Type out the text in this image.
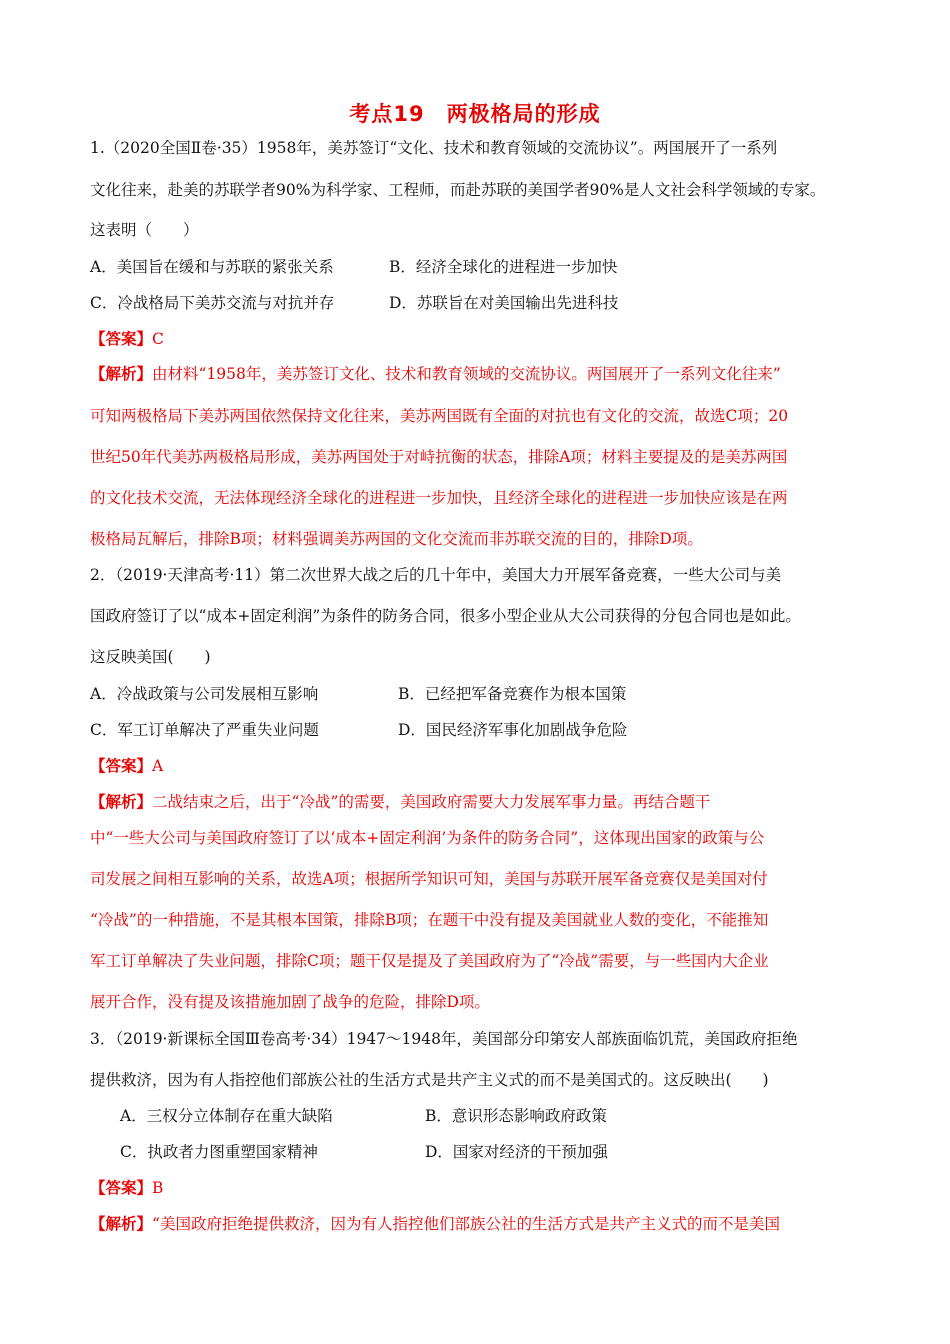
考点19　两极格局的形成
1.（2020全国Ⅱ卷·35）1958年，美苏签订“文化、技术和教育领域的交流协议”。两国展开了一系列
文化往来，赴美的苏联学者90%为科学家、工程师，而赴苏联的美国学者90%是人文社会科学领域的专家。
这表明（　　）
A．美国旨在缓和与苏联的紧张关系	B．经济全球化的进程进一步加快
C．冷战格局下美苏交流与对抗并存	D．苏联旨在对美国输出先进科技
【答案】C
【解析】由材料“1958年，美苏签订文化、技术和教育领域的交流协议。两国展开了一系列文化往来”
可知两极格局下美苏两国依然保持文化往来，美苏两国既有全面的对抗也有文化的交流，故选C项；20
世纪50年代美苏两极格局形成，美苏两国处于对峙抗衡的状态，排除A项；材料主要提及的是美苏两国
的文化技术交流，无法体现经济全球化的进程进一步加快，且经济全球化的进程进一步加快应该是在两
极格局瓦解后，排除B项；材料强调美苏两国的文化交流而非苏联交流的目的，排除D项。
2．（2019·天津高考·11）第二次世界大战之后的几十年中，美国大力开展军备竞赛，一些大公司与美
国政府签订了以“成本+固定利润”为条件的防务合同，很多小型企业从大公司获得的分包合同也是如此。
这反映美国(　　)
A．冷战政策与公司发展相互影响	B．已经把军备竞赛作为根本国策
C．军工订单解决了严重失业问题	D．国民经济军事化加剧战争危险
【答案】A
【解析】二战结束之后，出于“冷战”的需要，美国政府需要大力发展军事力量。再结合题干
中“一些大公司与美国政府签订了以‘成本+固定利润’为条件的防务合同”，这体现出国家的政策与公
司发展之间相互影响的关系，故选A项；根据所学知识可知，美国与苏联开展军备竞赛仅是美国对付
“冷战”的一种措施，不是其根本国策，排除B项；在题干中没有提及美国就业人数的变化，不能推知
军工订单解决了失业问题，排除C项；题干仅是提及了美国政府为了“冷战”需要，与一些国内大企业
展开合作，没有提及该措施加剧了战争的危险，排除D项。
3．（2019·新课标全国Ⅲ卷高考·34）1947～1948年，美国部分印第安人部族面临饥荒，美国政府拒绝
提供救济，因为有人指控他们部族公社的生活方式是共产主义式的而不是美国式的。这反映出(　　)
A．三权分立体制存在重大缺陷	B．意识形态影响政府政策
C．执政者力图重塑国家精神	D．国家对经济的干预加强
【答案】B
【解析】“美国政府拒绝提供救济，因为有人指控他们部族公社的生活方式是共产主义式的而不是美国
